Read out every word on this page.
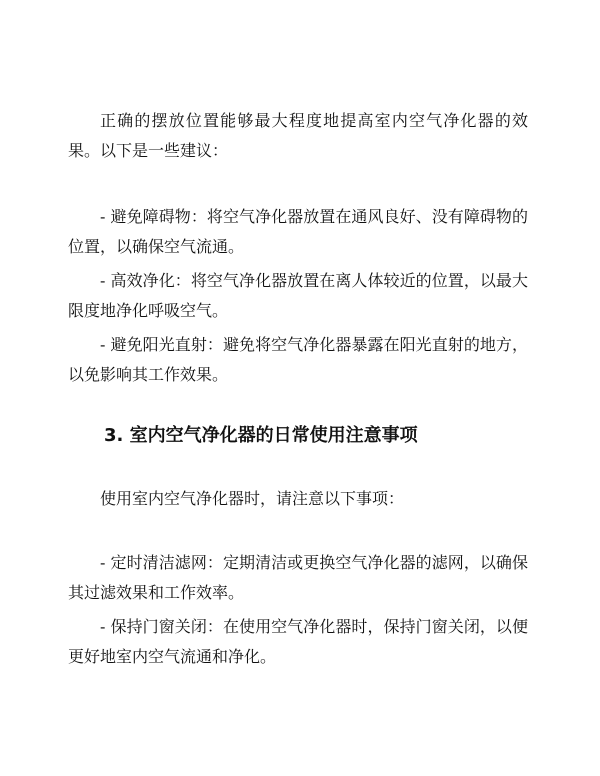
正确的摆放位置能够最大程度地提高室内空气净化器的效果。以下是一些建议：

- 避免障碍物：将空气净化器放置在通风良好、没有障碍物的位置，以确保空气流通。

- 高效净化：将空气净化器放置在离人体较近的位置，以最大限度地净化呼吸空气。

- 避免阳光直射：避免将空气净化器暴露在阳光直射的地方，以免影响其工作效果。

3. 室内空气净化器的日常使用注意事项

使用室内空气净化器时，请注意以下事项：

- 定时清洁滤网：定期清洁或更换空气净化器的滤网，以确保其过滤效果和工作效率。

- 保持门窗关闭：在使用空气净化器时，保持门窗关闭，以便更好地室内空气流通和净化。
